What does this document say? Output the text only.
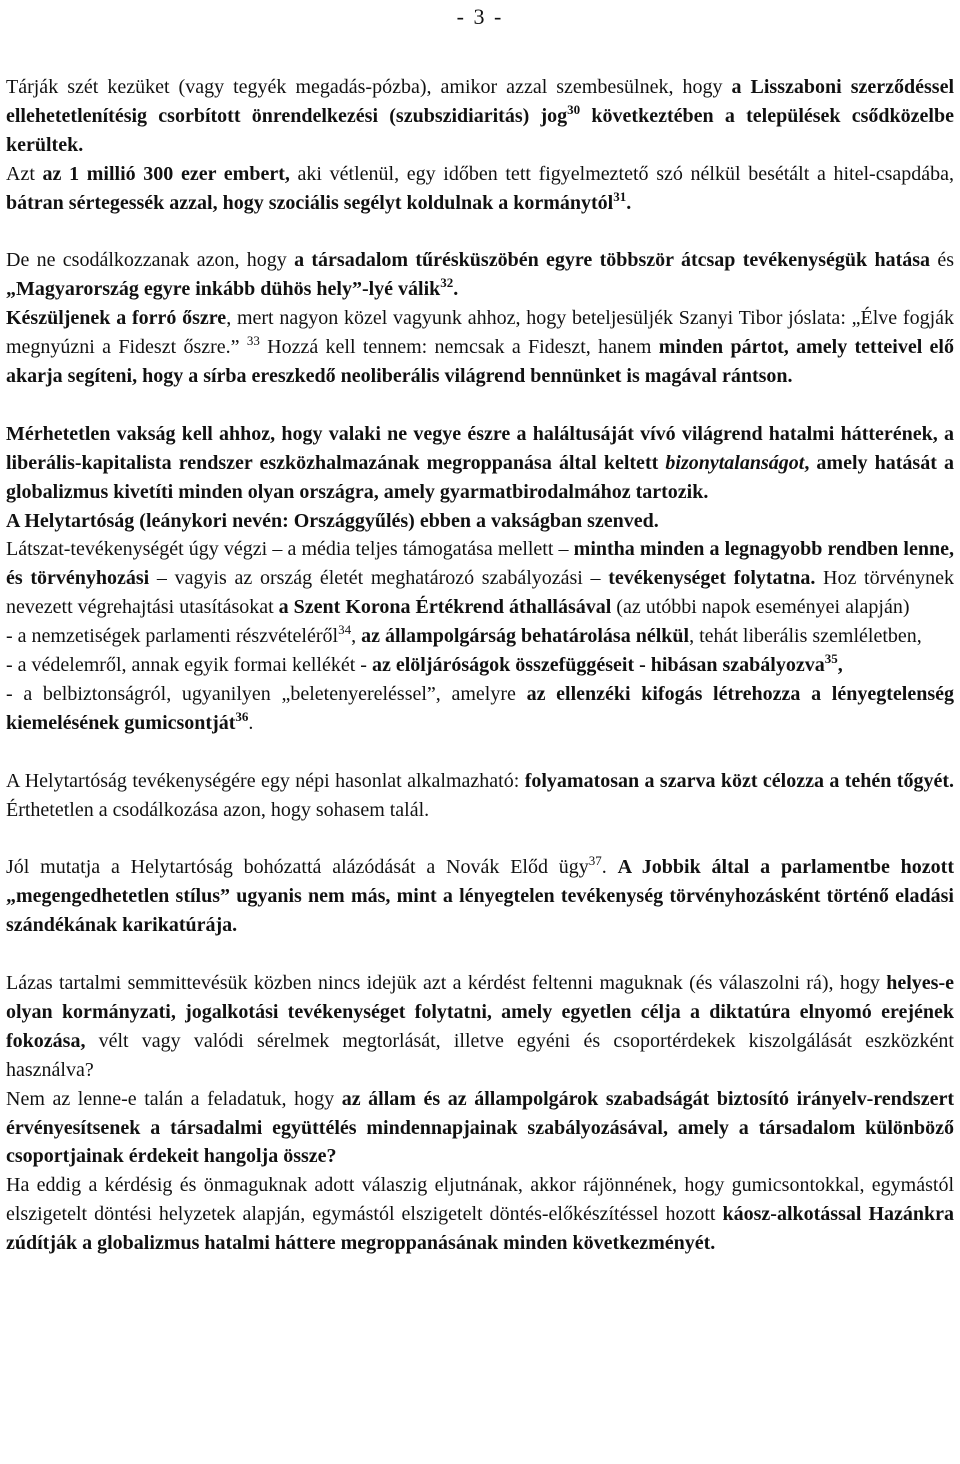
- 3 -

Tárják szét kezüket (vagy tegyék megadás-pózba), amikor azzal szembesülnek, hogy a Lisszaboni szerződéssel ellehetetlenítésig csorbított önrendelkezési (szubszidiaritás) jog$^{30}$ következtében a települések csődközelbe kerültek.

Azt az 1 millió 300 ezer embert, aki vétlenül, egy időben tett figyelmeztető szó nélkül besétált a hitel-csapdába, bátran sértegessék azzal, hogy szociális segélyt koldulnak a kormánytól$^{31}$.

De ne csodálkozzanak azon, hogy a társadalom tűrésküszöbén egyre többször átcsap tevékenységük hatása és „Magyarország egyre inkább dühös hely”-lyé válik$^{32}$.

Készüljenek a forró őszre, mert nagyon közel vagyunk ahhoz, hogy beteljesüljék Szanyi Tibor jóslata: „Élve fogják megnyúzni a Fideszt őszre.” $^{33}$ Hozzá kell tennem: nemcsak a Fideszt, hanem minden pártot, amely tetteivel elő akarja segíteni, hogy a sírba ereszkedő neoliberális világrend bennünket is magával rántson.

Mérhetetlen vakság kell ahhoz, hogy valaki ne vegye észre a haláltusáját vívó világrend hatalmi hátterének, a liberális-kapitalista rendszer eszközhalmazának megroppanása által keltett bizonytalanságot, amely hatását a globalizmus kivetíti minden olyan országra, amely gyarmatbirodalmához tartozik.

A Helytartóság (leánykori nevén: Országgyűlés) ebben a vakságban szenved.

Látszat-tevékenységét úgy végzi – a média teljes támogatása mellett – mintha minden a legnagyobb rendben lenne, és törvényhozási – vagyis az ország életét meghatározó szabályozási – tevékenységet folytatna. Hoz törvénynek nevezett végrehajtási utasításokat a Szent Korona Értékrend áthallásával (az utóbbi napok eseményei alapján)

- a nemzetiségek parlamenti részvételéről$^{34}$, az állampolgárság behatárolása nélkül, tehát liberális szemléletben,

- a védelemről, annak egyik formai kellékét - az elöljáróságok összefüggéseit - hibásan szabályozva$^{35}$,

- a belbiztonságról, ugyanilyen „beletenyereléssel”, amelyre az ellenzéki kifogás létrehozza a lényegtelenség kiemelésének gumicsontját$^{36}$.

A Helytartóság tevékenységére egy népi hasonlat alkalmazható: folyamatosan a szarva közt célozza a tehén tőgyét. Érthetetlen a csodálkozása azon, hogy sohasem talál.

Jól mutatja a Helytartóság bohózattá alázódását a Novák Előd ügy$^{37}$. A Jobbik által a parlamentbe hozott „megengedhetetlen stílus” ugyanis nem más, mint a lényegtelen tevékenység törvényhozásként történő eladási szándékának karikatúrája.

Lázas tartalmi semmittevésük közben nincs idejük azt a kérdést feltenni maguknak (és válaszolni rá), hogy helyes-e olyan kormányzati, jogalkotási tevékenységet folytatni, amely egyetlen célja a diktatúra elnyomó erejének fokozása, vélt vagy valódi sérelmek megtorlását, illetve egyéni és csoportérdekek kiszolgálását eszközként használva?

Nem az lenne-e talán a feladatuk, hogy az állam és az állampolgárok szabadságát biztosító irányelv-rendszert érvényesítsenek a társadalmi együttélés mindennapjainak szabályozásával, amely a társadalom különböző csoportjainak érdekeit hangolja össze?

Ha eddig a kérdésig és önmaguknak adott válaszig eljutnának, akkor rájönnének, hogy gumicsontokkal, egymástól elszigetelt döntési helyzetek alapján, egymástól elszigetelt döntés-előkészítéssel hozott káosz-alkotással Hazánkra zúdítják a globalizmus hatalmi háttere megroppanásának minden következményét.
